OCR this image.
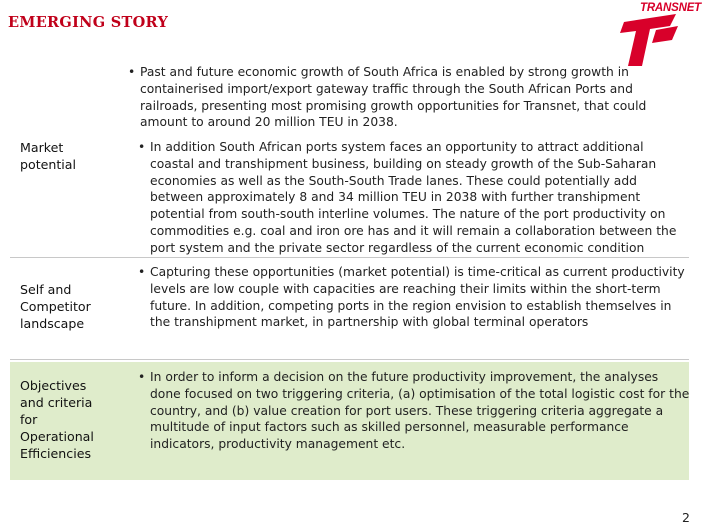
EMERGING STORY
TRANSNET
• Past and future economic growth of South Africa is enabled by strong growth in containerised import/export gateway traffic through the South African Ports and railroads, presenting most promising growth opportunities for Transnet, that could amount to around 20 million TEU in 2038.
Market potential
• In addition South African ports system faces an opportunity to attract additional coastal and transhipment business, building on steady growth of the Sub-Saharan economies as well as the South-South Trade lanes. These could potentially add between approximately 8 and 34 million TEU in 2038 with further transhipment potential from south-south interline volumes. The nature of the port productivity on commodities e.g. coal and iron ore has and it will remain a collaboration between the port system and the private sector regardless of the current economic condition
Self and Competitor landscape
• Capturing these opportunities (market potential) is time-critical as current productivity levels are low couple with capacities are reaching their limits within the short-term future. In addition, competing ports in the region envision to establish themselves in the transhipment market, in partnership with global terminal operators
Objectives and criteria for Operational Efficiencies
• In order to inform a decision on the future productivity improvement, the analyses done focused on two triggering criteria, (a) optimisation of the total logistic cost for the country, and (b) value creation for port users. These triggering criteria aggregate a multitude of input factors such as skilled personnel, measurable performance indicators, productivity management etc.
2
